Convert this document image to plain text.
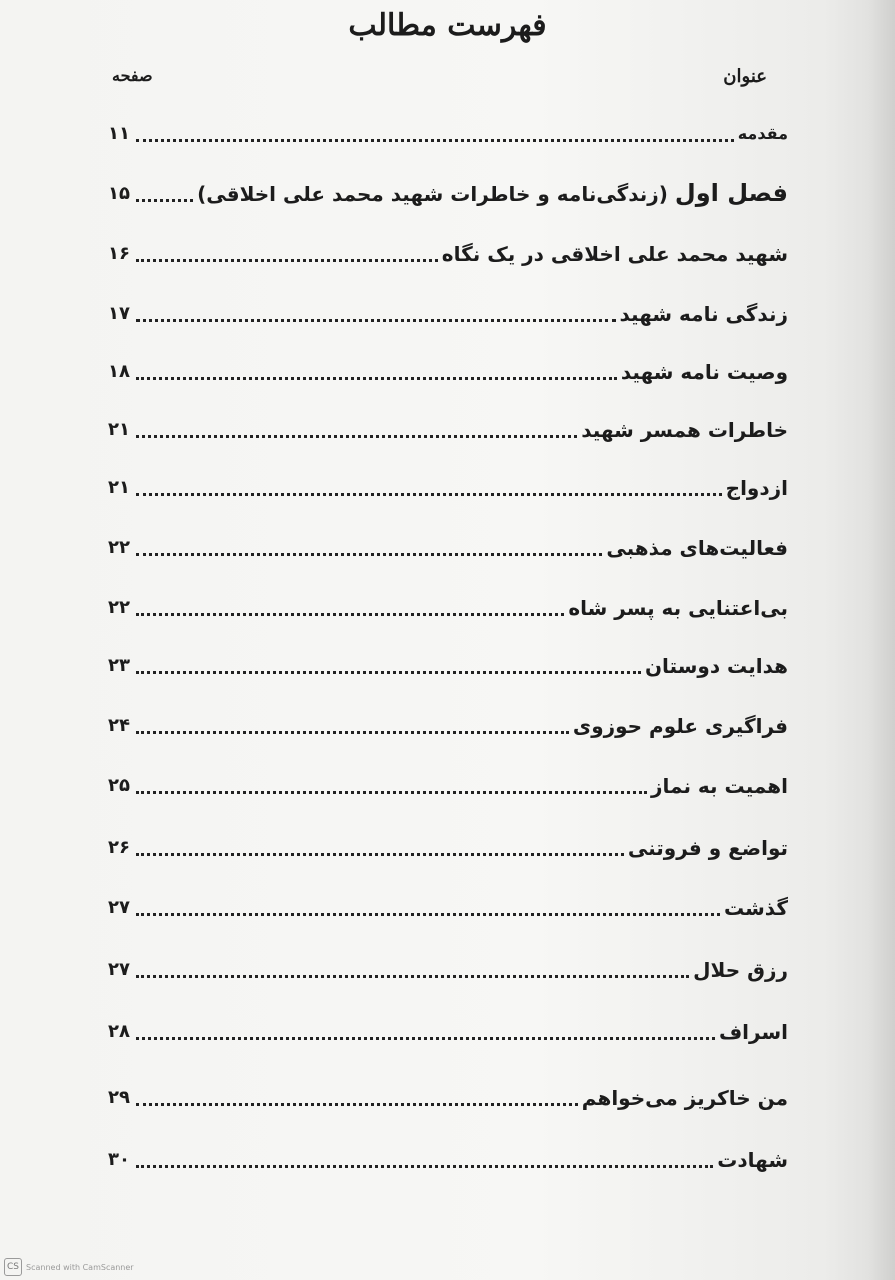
فهرست مطالب
عنوان
صفحه
مقدمه
۱۱
فصل اول (زندگی‌نامه و خاطرات شهید محمد علی اخلاقی)
۱۵
شهید محمد علی اخلاقی در یک نگاه
۱۶
زندگی نامه شهید
۱۷
وصیت نامه شهید
۱۸
خاطرات همسر شهید
۲۱
ازدواج
۲۱
فعالیت‌های مذهبی
۲۲
بی‌اعتنایی به پسر شاه
۲۲
هدایت دوستان
۲۳
فراگیری علوم حوزوی
۲۴
اهمیت به نماز
۲۵
تواضع و فروتنی
۲۶
گذشت
۲۷
رزق حلال
۲۷
اسراف
۲۸
من خاکریز می‌خواهم
۲۹
شهادت
۳۰
CS Scanned with CamScanner
